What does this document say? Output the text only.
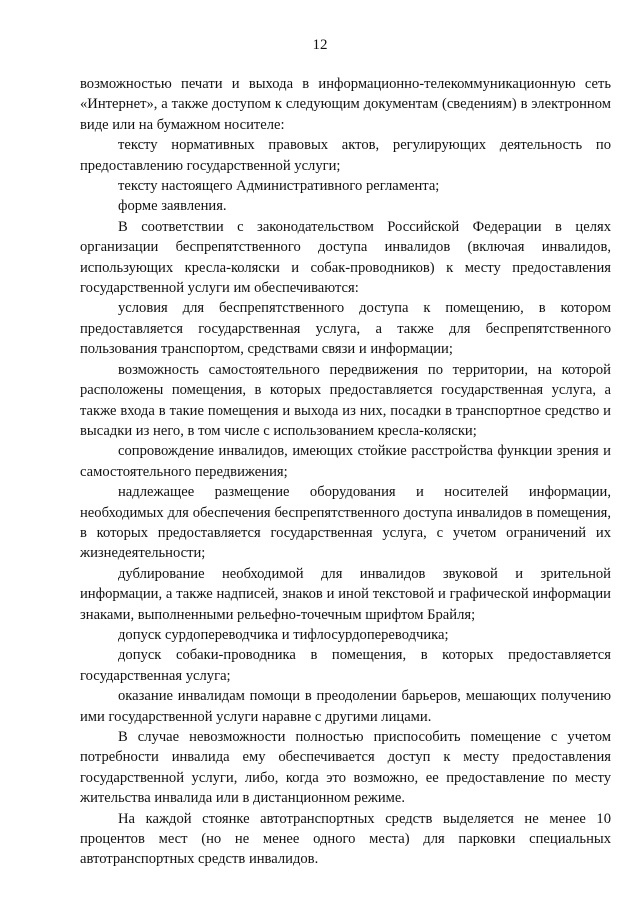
12

возможностью печати и выхода в информационно-телекоммуникационную сеть «Интернет», а также доступом к следующим документам (сведениям) в электронном виде или на бумажном носителе:

тексту нормативных правовых актов, регулирующих деятельность по предоставлению государственной услуги;

тексту настоящего Административного регламента;

форме заявления.

В соответствии с законодательством Российской Федерации в целях организации беспрепятственного доступа инвалидов (включая инвалидов, использующих кресла-коляски и собак-проводников) к месту предоставления государственной услуги им обеспечиваются:

условия для беспрепятственного доступа к помещению, в котором предоставляется государственная услуга, а также для беспрепятственного пользования транспортом, средствами связи и информации;

возможность самостоятельного передвижения по территории, на которой расположены помещения, в которых предоставляется государственная услуга, а также входа в такие помещения и выхода из них, посадки в транспортное средство и высадки из него, в том числе с использованием кресла-коляски;

сопровождение инвалидов, имеющих стойкие расстройства функции зрения и самостоятельного передвижения;

надлежащее размещение оборудования и носителей информации, необходимых для обеспечения беспрепятственного доступа инвалидов в помещения, в которых предоставляется государственная услуга, с учетом ограничений их жизнедеятельности;

дублирование необходимой для инвалидов звуковой и зрительной информации, а также надписей, знаков и иной текстовой и графической информации знаками, выполненными рельефно-точечным шрифтом Брайля;

допуск сурдопереводчика и тифлосурдопереводчика;

допуск собаки-проводника в помещения, в которых предоставляется государственная услуга;

оказание инвалидам помощи в преодолении барьеров, мешающих получению ими государственной услуги наравне с другими лицами.

В случае невозможности полностью приспособить помещение с учетом потребности инвалида ему обеспечивается доступ к месту предоставления государственной услуги, либо, когда это возможно, ее предоставление по месту жительства инвалида или в дистанционном режиме.

На каждой стоянке автотранспортных средств выделяется не менее 10 процентов мест (но не менее одного места) для парковки специальных автотранспортных средств инвалидов.
